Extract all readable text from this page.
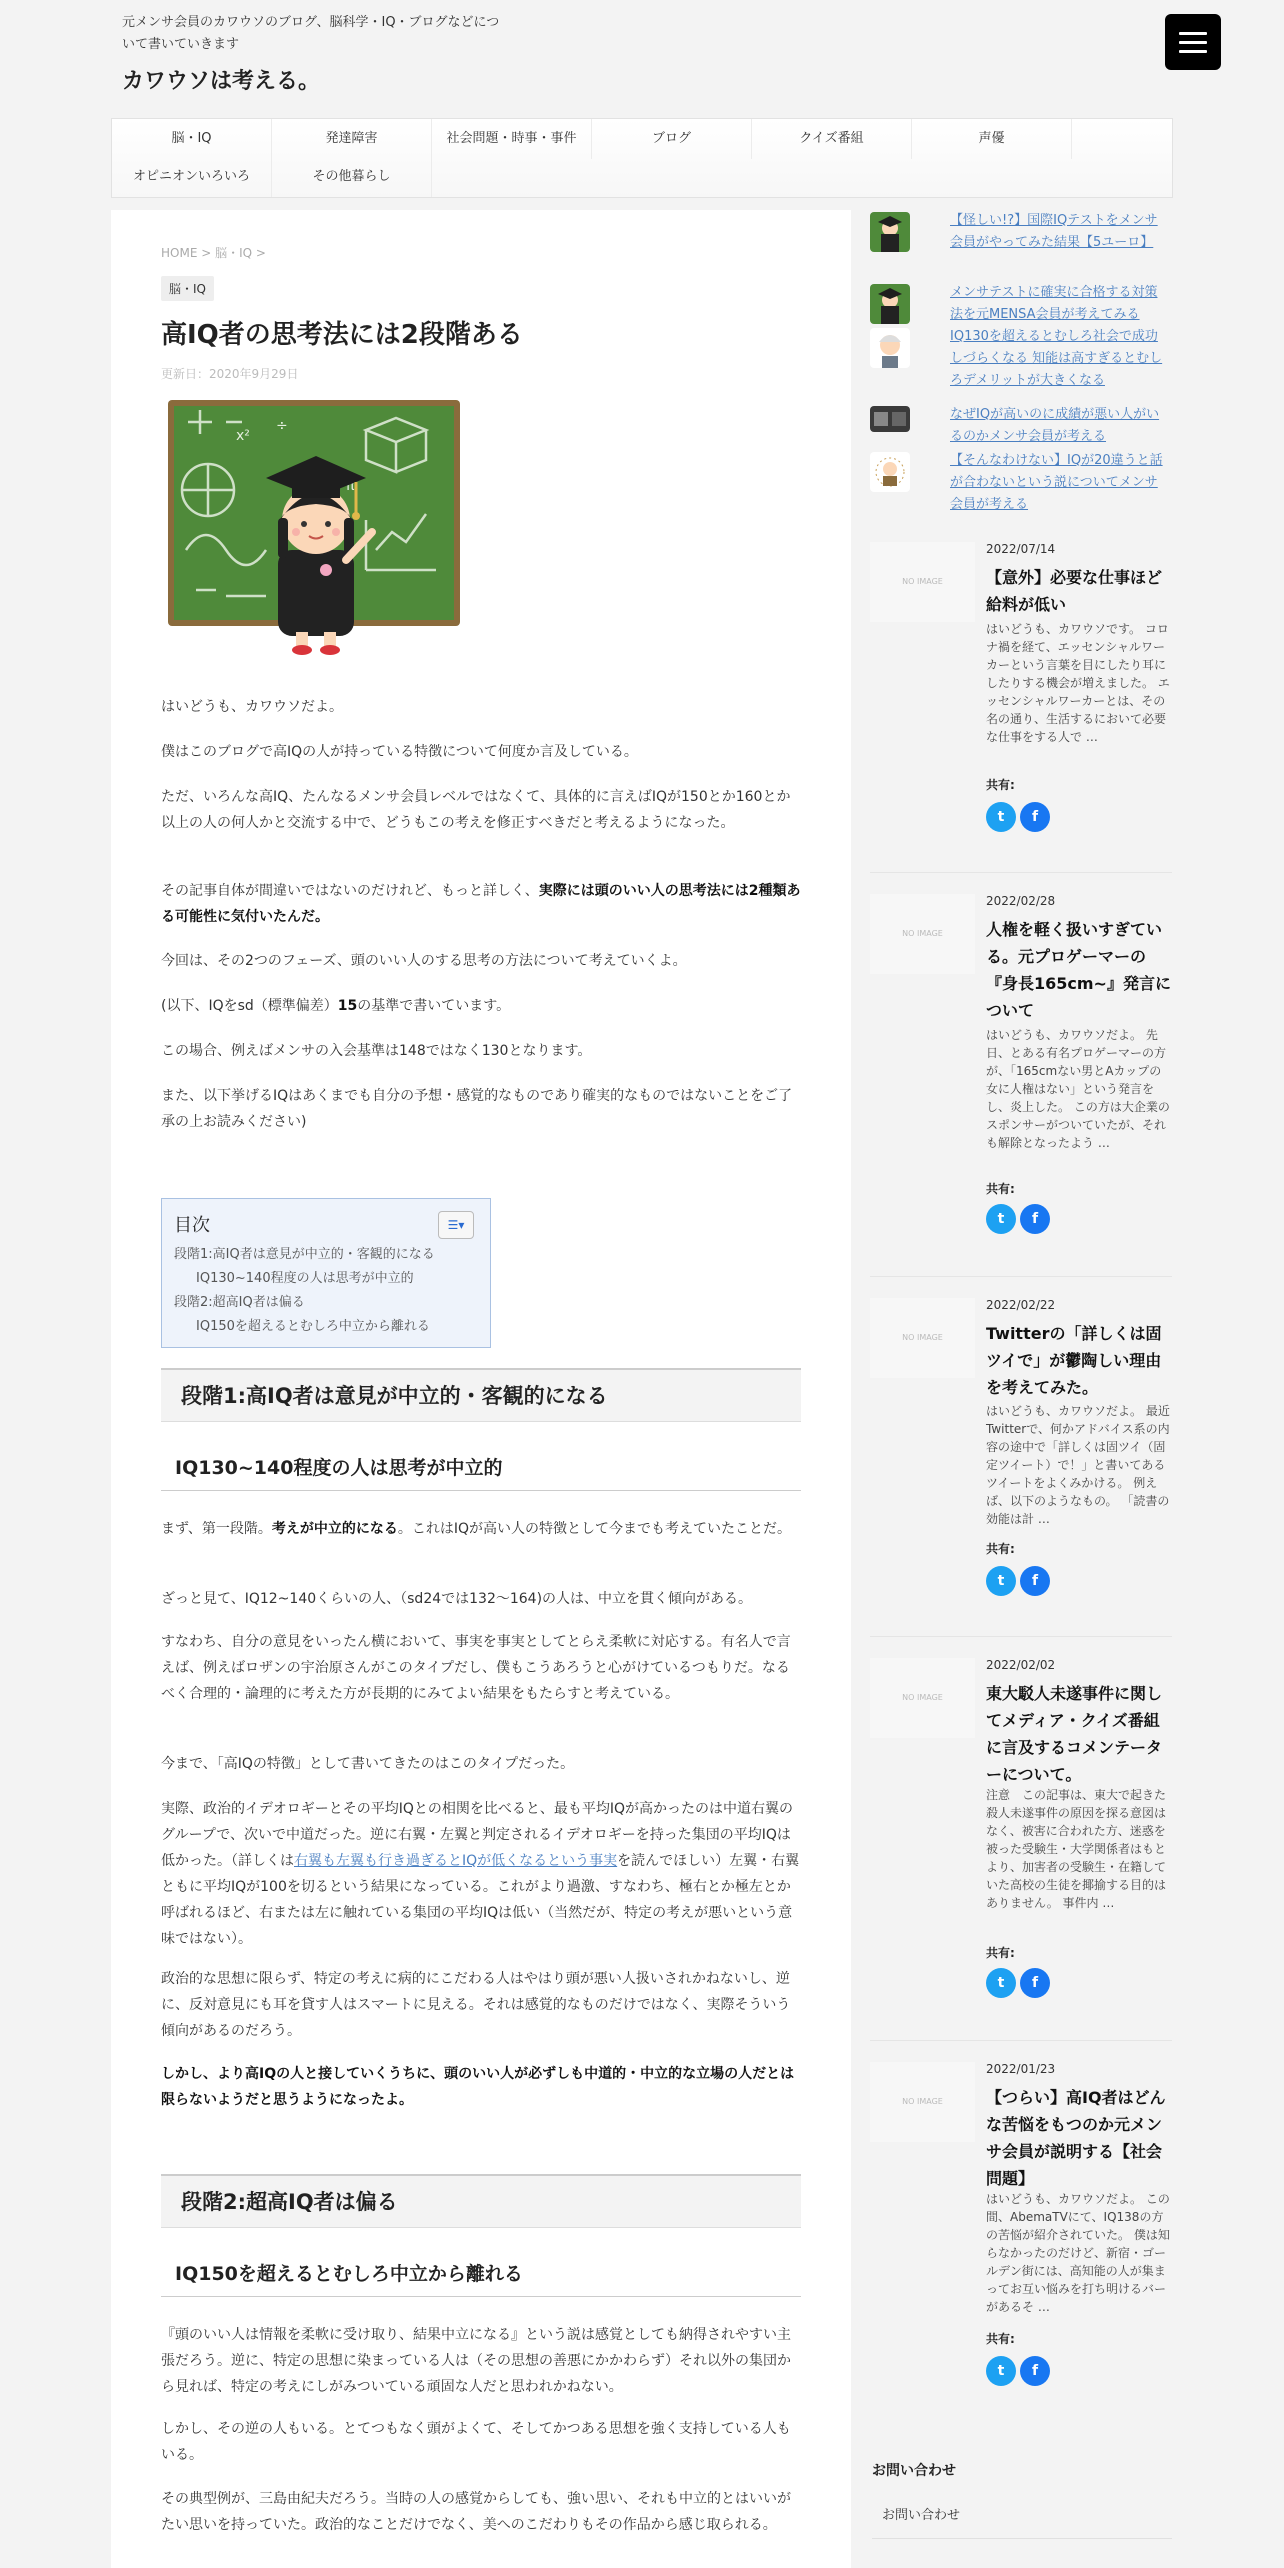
元メンサ会員のカワウソのブログ、脳科学・IQ・ブログなどについて書いていきます
カワウソは考える。
脳・IQ	発達障害	社会問題・時事・事件	ブログ	クイズ番組	声優
オピニオンいろいろ	その他暮らし
HOME > 脳・IQ >
脳・IQ
高IQ者の思考法には2段階ある
更新日：2020年9月29日
x²
÷
π

はいどうも、カワウソだよ。

僕はこのブログで高IQの人が持っている特徴について何度か言及している。

ただ、いろんな高IQ、たんなるメンサ会員レベルではなくて、具体的に言えばIQが150とか160とか以上の人の何人かと交流する中で、どうもこの考えを修正すべきだと考えるようになった。

その記事自体が間違いではないのだけれど、もっと詳しく、実際には頭のいい人の思考法には2種類ある可能性に気付いたんだ。

今回は、その2つのフェーズ、頭のいい人のする思考の方法について考えていくよ。

(以下、IQをsd（標準偏差）15の基準で書いています。

この場合、例えばメンサの入会基準は148ではなく130となります。

また、以下挙げるIQはあくまでも自分の予想・感覚的なものであり確実的なものではないことをご了承の上お読みください)

目次	☰▾
段階1:高IQ者は意見が中立的・客観的になる
IQ130~140程度の人は思考が中立的
段階2:超高IQ者は偏る
IQ150を超えるとむしろ中立から離れる
段階1:高IQ者は意見が中立的・客観的になる
IQ130~140程度の人は思考が中立的

まず、第一段階。考えが中立的になる。これはIQが高い人の特徴として今までも考えていたことだ。

ざっと見て、IQ12~140くらいの人、（sd24では132～164)の人は、中立を貫く傾向がある。

すなわち、自分の意見をいったん横において、事実を事実としてとらえ柔軟に対応する。有名人で言えば、例えばロザンの宇治原さんがこのタイプだし、僕もこうあろうと心がけているつもりだ。なるべく合理的・論理的に考えた方が長期的にみてよい結果をもたらすと考えている。

今まで、「高IQの特徴」として書いてきたのはこのタイプだった。

実際、政治的イデオロギーとその平均IQとの相関を比べると、最も平均IQが高かったのは中道右翼のグループで、次いで中道だった。逆に右翼・左翼と判定されるイデオロギーを持った集団の平均IQは低かった。（詳しくは右翼も左翼も行き過ぎるとIQが低くなるという事実を読んでほしい）左翼・右翼ともに平均IQが100を切るという結果になっている。これがより過激、すなわち、極右とか極左とか呼ばれるほど、右または左に触れている集団の平均IQは低い（当然だが、特定の考えが悪いという意味ではない）。

政治的な思想に限らず、特定の考えに病的にこだわる人はやはり頭が悪い人扱いされかねないし、逆に、反対意見にも耳を貸す人はスマートに見える。それは感覚的なものだけではなく、実際そういう傾向があるのだろう。

しかし、より高IQの人と接していくうちに、頭のいい人が必ずしも中道的・中立的な立場の人だとは限らないようだと思うようになったよ。

段階2:超高IQ者は偏る
IQ150を超えるとむしろ中立から離れる

『頭のいい人は情報を柔軟に受け取り、結果中立になる』という説は感覚としても納得されやすい主張だろう。逆に、特定の思想に染まっている人は（その思想の善悪にかかわらず）それ以外の集団から見れば、特定の考えにしがみついている頑固な人だと思われかねない。

しかし、その逆の人もいる。とてつもなく頭がよくて、そしてかつある思想を強く支持している人もいる。

その典型例が、三島由紀夫だろう。当時の人の感覚からしても、強い思い、それも中立的とはいいがたい思いを持っていた。政治的なことだけでなく、美へのこだわりもその作品から感じ取られる。

【怪しい!?】国際IQテストをメンサ会員がやってみた結果【5ユーロ】
メンサテストに確実に合格する対策法を元MENSA会員が考えてみる
IQ130を超えるとむしろ社会で成功しづらくなる 知能は高すぎるとむしろデメリットが大きくなる
なぜIQが高いのに成績が悪い人がいるのかメンサ会員が考える
【そんなわけない】IQが20違うと話が合わないという説についてメンサ会員が考える
NO IMAGE
2022/07/14
【意外】必要な仕事ほど給料が低い
はいどうも、カワウソです。 コロナ禍を経て、エッセンシャルワーカーという言葉を目にしたり耳にしたりする機会が増えました。 エッセンシャルワーカーとは、その名の通り、生活するにおいて必要な仕事をする人で …
共有:
t	f
NO IMAGE
2022/02/28
人権を軽く扱いすぎている。元プロゲーマーの『身長165cm~』発言について
はいどうも、カワウソだよ。 先日、とある有名プロゲーマーの方が、「165cmない男とAカップの女に人権はない」という発言をし、炎上した。 この方は大企業のスポンサーがついていたが、それも解除となったよう …
共有:
t	f
NO IMAGE
2022/02/22
Twitterの「詳しくは固ツイで」が鬱陶しい理由を考えてみた。
はいどうも、カワウソだよ。 最近Twitterで、何かアドバイス系の内容の途中で「詳しくは固ツイ（固定ツイート）で！」と書いてあるツイートをよくみかける。 例えば、以下のようなもの。 「読書の効能は計 …
共有:
t	f
NO IMAGE
2022/02/02
東大駁人未遂事件に関してメディア・クイズ番組に言及するコメンテーターについて。
注意　この記事は、東大で起きた殺人未遂事件の原因を探る意図はなく、被害に合われた方、迷惑を被った受験生・大学関係者はもとより、加害者の受験生・在籍していた高校の生徒を揶揄する目的はありません。 事件内 …
共有:
t	f
NO IMAGE
2022/01/23
【つらい】高IQ者はどんな苦悩をもつのか元メンサ会員が説明する【社会問題】
はいどうも、カワウソだよ。 この間、AbemaTVにて、IQ138の方の苦悩が紹介されていた。 僕は知らなかったのだけど、新宿・ゴールデン街には、高知能の人が集まってお互い悩みを打ち明けるバーがあるそ …
共有:
t	f
お問い合わせ
お問い合わせ
